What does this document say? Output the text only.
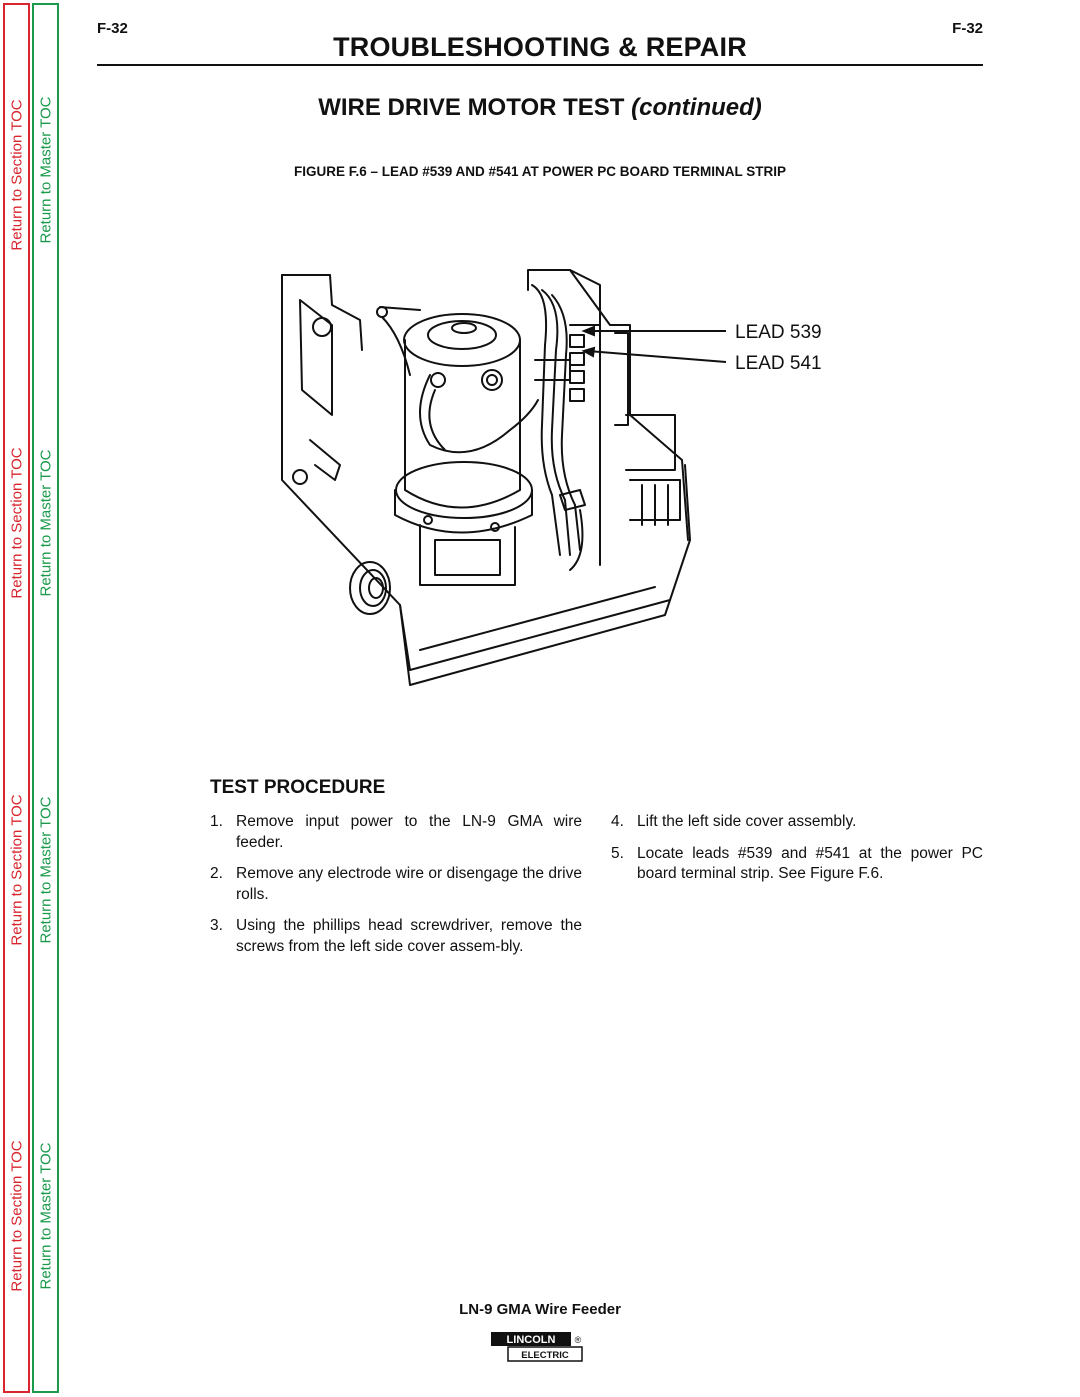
Return to Section TOC
Return to Section TOC
Return to Section TOC
Return to Section TOC
Return to Master TOC
Return to Master TOC
Return to Master TOC
Return to Master TOC
F-32	F-32
TROUBLESHOOTING & REPAIR
WIRE DRIVE MOTOR TEST (continued)
FIGURE F.6 – LEAD #539 AND #541 AT POWER PC BOARD TERMINAL STRIP
LEAD 539
LEAD 541
TEST PROCEDURE
1. Remove input power to the LN-9 GMA wire feeder.
2. Remove any electrode wire or disengage the drive rolls.
3. Using the phillips head screwdriver, remove the screws from the left side cover assem-bly.
4. Lift the left side cover assembly.
5. Locate leads #539 and #541 at the power PC board terminal strip. See Figure F.6.
LN-9 GMA Wire Feeder
LINCOLN ®
ELECTRIC
